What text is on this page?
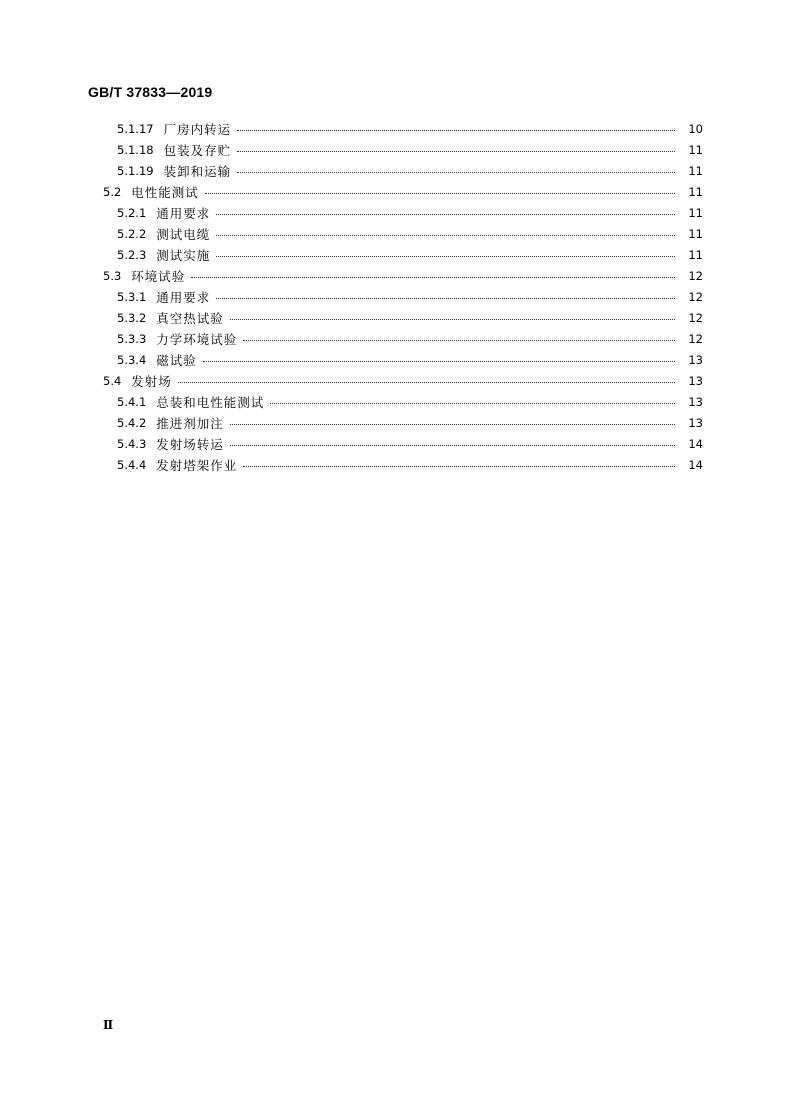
GB/T 37833—2019
5.1.17 厂房内转运	10
5.1.18 包装及存贮	11
5.1.19 装卸和运输	11
5.2 电性能测试	11
5.2.1 通用要求	11
5.2.2 测试电缆	11
5.2.3 测试实施	11
5.3 环境试验	12
5.3.1 通用要求	12
5.3.2 真空热试验	12
5.3.3 力学环境试验	12
5.3.4 磁试验	13
5.4 发射场	13
5.4.1 总装和电性能测试	13
5.4.2 推进剂加注	13
5.4.3 发射场转运	14
5.4.4 发射塔架作业	14
Ⅱ
